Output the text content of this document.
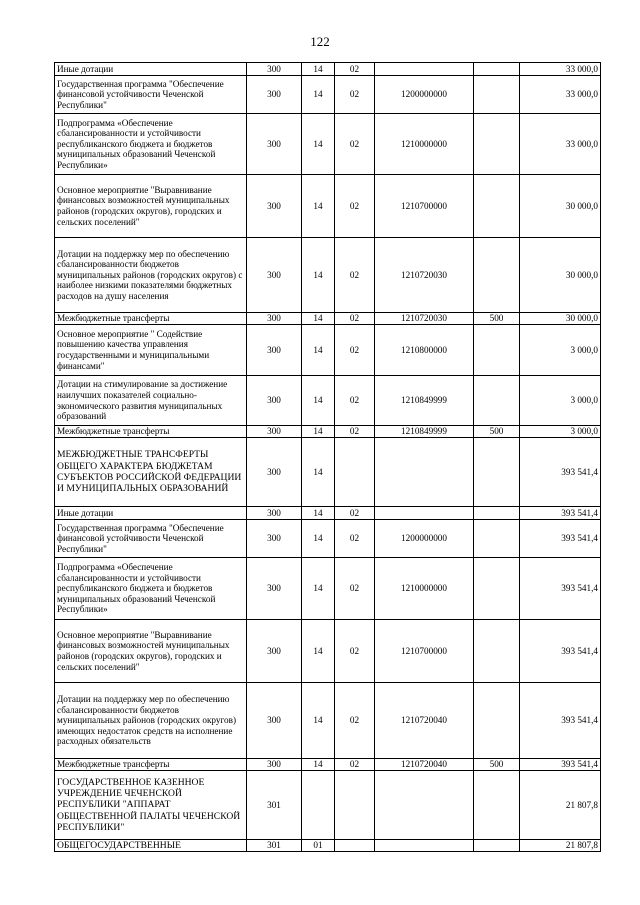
122
Иные дотации	300	14	02			33 000,0
Государственная программа "Обеспечение финансовой устойчивости Чеченской Республики"	300	14	02	1200000000		33 000,0
Подпрограмма «Обеспечение сбалансированности и устойчивости республиканского бюджета и бюджетов муниципальных образований Чеченской Республики»	300	14	02	1210000000		33 000,0
Основное мероприятие "Выравнивание финансовых возможностей муниципальных районов (городских округов), городских и сельских поселений"	300	14	02	1210700000		30 000,0
Дотации на поддержку мер по обеспечению сбалансированности бюджетов муниципальных районов (городских округов) с наиболее низкими показателями бюджетных расходов на душу населения	300	14	02	1210720030		30 000,0
Межбюджетные трансферты	300	14	02	1210720030	500	30 000,0
Основное мероприятие " Содействие повышению качества управления государственными и муниципальными финансами"	300	14	02	1210800000		3 000,0
Дотации на стимулирование за достижение наилучших показателей социально-экономического развития муниципальных образований	300	14	02	1210849999		3 000,0
Межбюджетные трансферты	300	14	02	1210849999	500	3 000,0
МЕЖБЮДЖЕТНЫЕ ТРАНСФЕРТЫ ОБЩЕГО ХАРАКТЕРА БЮДЖЕТАМ СУБЪЕКТОВ РОССИЙСКОЙ ФЕДЕРАЦИИ И МУНИЦИПАЛЬНЫХ ОБРАЗОВАНИЙ	300	14				393 541,4
Иные дотации	300	14	02			393 541,4
Государственная программа "Обеспечение финансовой устойчивости Чеченской Республики"	300	14	02	1200000000		393 541,4
Подпрограмма «Обеспечение сбалансированности и устойчивости республиканского бюджета и бюджетов муниципальных образований Чеченской Республики»	300	14	02	1210000000		393 541,4
Основное мероприятие "Выравнивание финансовых возможностей муниципальных районов (городских округов), городских и сельских поселений"	300	14	02	1210700000		393 541,4
Дотации на поддержку мер по обеспечению сбалансированности бюджетов муниципальных районов (городских округов) имеющих недостаток средств на исполнение расходных обязательств	300	14	02	1210720040		393 541,4
Межбюджетные трансферты	300	14	02	1210720040	500	393 541,4
ГОСУДАРСТВЕННОЕ КАЗЕННОЕ УЧРЕЖДЕНИЕ ЧЕЧЕНСКОЙ РЕСПУБЛИКИ "АППАРАТ ОБЩЕСТВЕННОЙ ПАЛАТЫ ЧЕЧЕНСКОЙ РЕСПУБЛИКИ"	301					21 807,8
ОБЩЕГОСУДАРСТВЕННЫЕ	301	01				21 807,8
